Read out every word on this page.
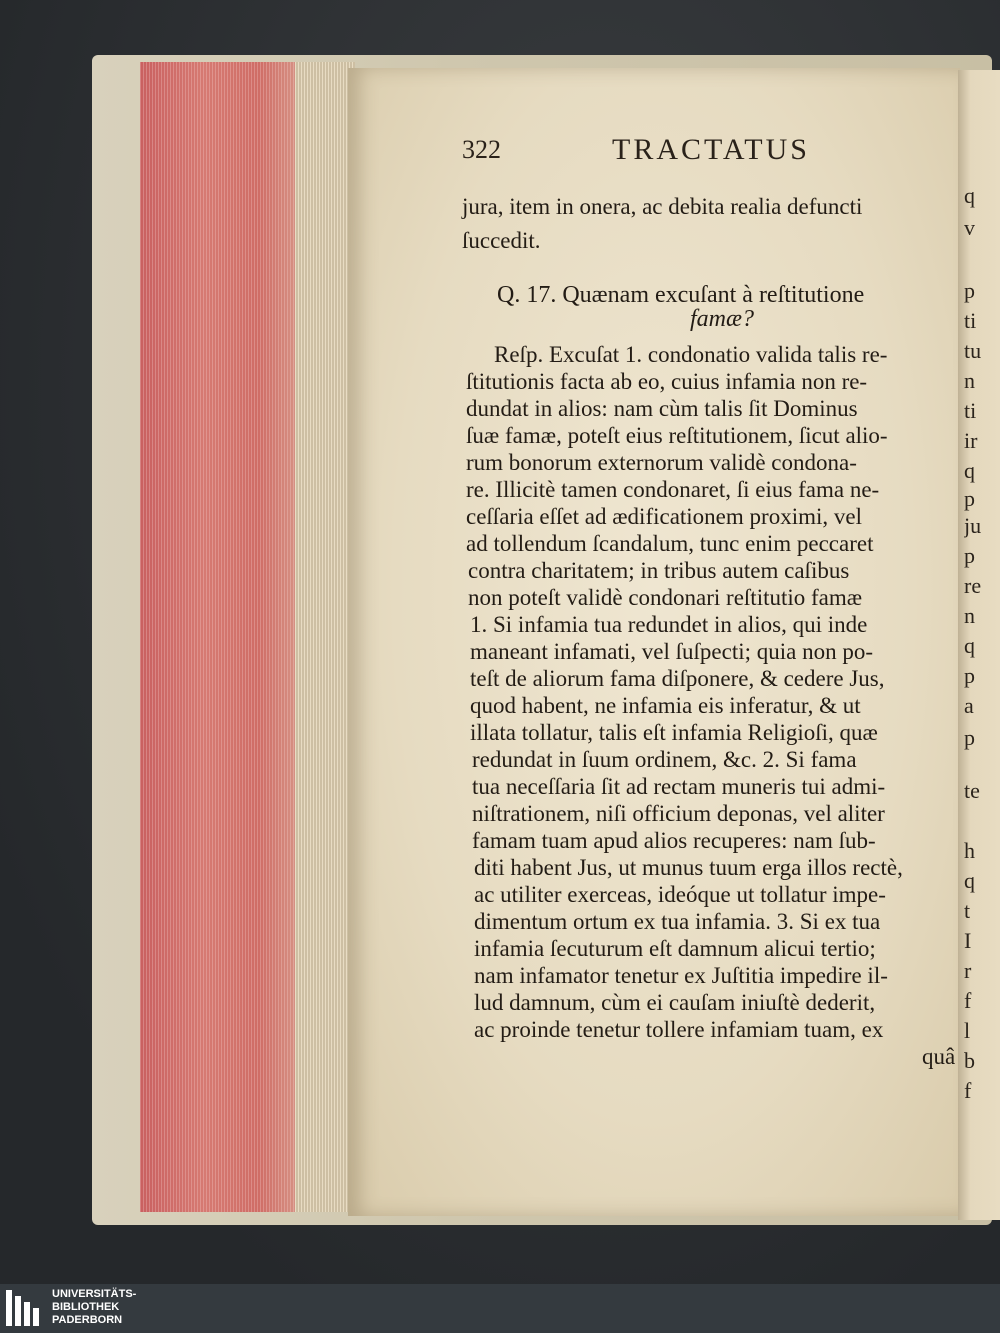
q
v
p
ti
tu
n
ti
ir
q
p
ju
p
re
n
q
p
a
p
te
h
q
t
I
r
f
l
b
f
322	TRACTATUS
jura, item in onera, ac debita realia defuncti
ſuccedit.
Q. 17. Quænam excuſant à reſtitutione
famæ?
Reſp. Excuſat 1. condonatio valida talis re-
ſtitutionis facta ab eo, cuius infamia non re-
dundat in alios: nam cùm talis ſit Dominus
ſuæ famæ, poteſt eius reſtitutionem, ſicut alio-
rum bonorum externorum validè condona-
re. Illicitè tamen condonaret, ſi eius fama ne-
ceſſaria eſſet ad ædificationem proximi, vel
ad tollendum ſcandalum, tunc enim peccaret
contra charitatem; in tribus autem caſibus
non poteſt validè condonari reſtitutio famæ
1. Si infamia tua redundet in alios, qui inde
maneant infamati, vel ſuſpecti; quia non po-
teſt de aliorum fama diſponere, & cedere Jus,
quod habent, ne infamia eis inferatur, & ut
illata tollatur, talis eſt infamia Religioſi, quæ
redundat in ſuum ordinem, &c. 2. Si fama
tua neceſſaria ſit ad rectam muneris tui admi-
niſtrationem, niſi officium deponas, vel aliter
famam tuam apud alios recuperes: nam ſub-
diti habent Jus, ut munus tuum erga illos rectè,
ac utiliter exerceas, ideóque ut tollatur impe-
dimentum ortum ex tua infamia. 3. Si ex tua
infamia ſecuturum eſt damnum alicui tertio;
nam infamator tenetur ex Juſtitia impedire il-
lud damnum, cùm ei cauſam iniuſtè dederit,
ac proinde tenetur tollere infamiam tuam, ex
quâ
UNIVERSITÄTS-
BIBLIOTHEK
PADERBORN
